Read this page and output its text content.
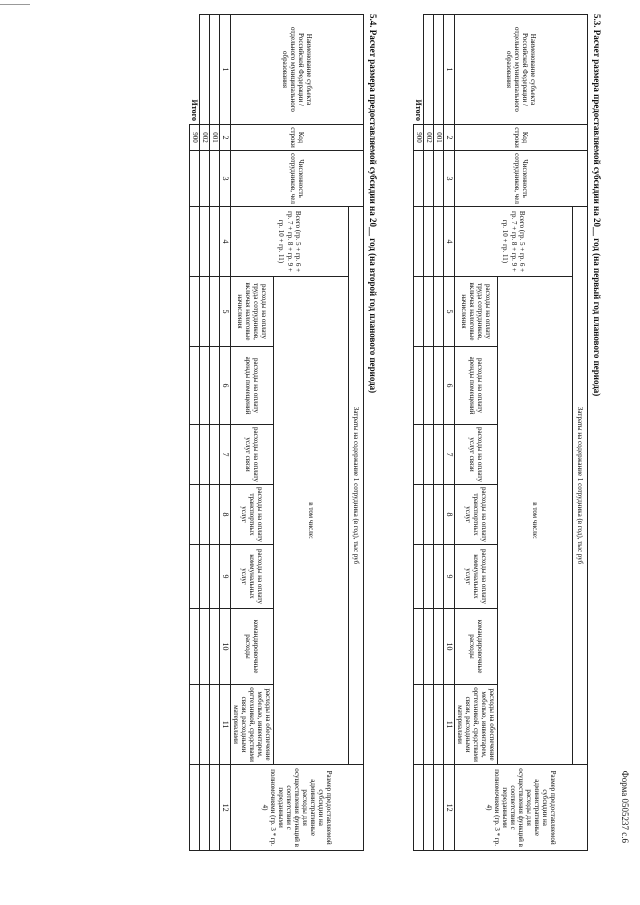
Форма 0505237 с.6
5.3. Расчет размера предоставляемой субсидии на 20__ год (на первый год планового периода)
Наименование субъекта Российской Федерации / отдельного муниципального образования	Код строки	Численность сотрудников, чел	Затраты на содержание 1 сотрудника (в год), тыс руб								Размер предоставляемой субсидии на административные расходы для осуществления функций в соответствии с переданными полномочиями (гр. 3 * гр. 4)
			Всего (гр. 5 + гр. 6 + гр. 7 + гр. 8 + гр. 9 + гр. 10 + гр. 11)	в том числе:							
				расходы на оплату труда сотрудников, включая налоговые начисления	расходы на оплату аренды помещений	расходы на оплату услуг связи	расходы на оплату транспортных услуг	расходы на оплату коммунальных услуг	командировочные расходы	расходы на обеспечение мебелью, инвентарем, оргтехникой, средствами связи, расходными материалами	
1	2	3	4	5	6	7	8	9	10	11	12
	001										
	002										
Итого	900										
5.4. Расчет размера предоставляемой субсидии на 20__ год (на второй год планового периода)
Наименование субъекта Российской Федерации / отдельного муниципального образования	Код строки	Численность сотрудников, чел	Затраты на содержание 1 сотрудника (в год), тыс руб								Размер предоставляемой субсидии на административные расходы для осуществления функций в соответствии с переданными полномочиями (гр. 3 * гр. 4)
			Всего (гр. 5 + гр. 6 + гр. 7 + гр. 8 + гр. 9 + гр. 10 + гр. 11)	в том числе:							
				расходы на оплату труда сотрудников, включая налоговые начисления	расходы на оплату аренды помещений	расходы на оплату услуг связи	расходы на оплату транспортных услуг	расходы на оплату коммунальных услуг	командировочные расходы	расходы на обеспечение мебелью, инвентарем, оргтехникой, средствами связи, расходными материалами	
1	2	3	4	5	6	7	8	9	10	11	12
	001										
	002										
Итого	900										
